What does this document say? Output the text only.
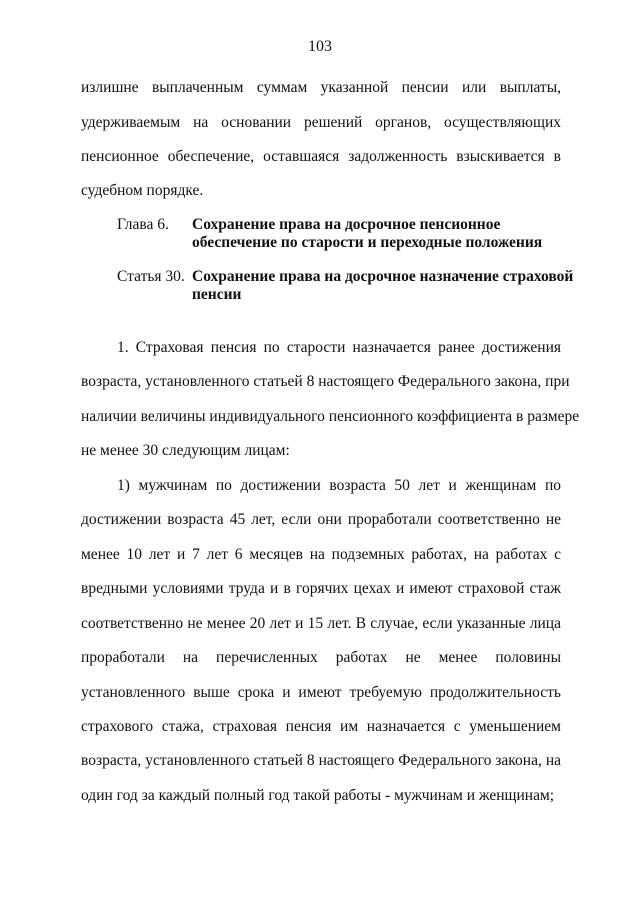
103
излишне выплаченным суммам указанной пенсии или выплаты,
удерживаемым на основании решений органов, осуществляющих
пенсионное обеспечение, оставшаяся задолженность взыскивается в
судебном порядке.
Глава 6. Сохранение права на досрочное пенсионное
обеспечение по старости и переходные положения
Статья 30. Сохранение права на досрочное назначение страховой
пенсии
1. Страховая пенсия по старости назначается ранее достижения
возраста, установленного статьей 8 настоящего Федерального закона, при
наличии величины индивидуального пенсионного коэффициента в размере
не менее 30 следующим лицам:
1) мужчинам по достижении возраста 50 лет и женщинам по
достижении возраста 45 лет, если они проработали соответственно не
менее 10 лет и 7 лет 6 месяцев на подземных работах, на работах с
вредными условиями труда и в горячих цехах и имеют страховой стаж
соответственно не менее 20 лет и 15 лет. В случае, если указанные лица
проработали на перечисленных работах не менее половины
установленного выше срока и имеют требуемую продолжительность
страхового стажа, страховая пенсия им назначается с уменьшением
возраста, установленного статьей 8 настоящего Федерального закона, на
один год за каждый полный год такой работы - мужчинам и женщинам;
